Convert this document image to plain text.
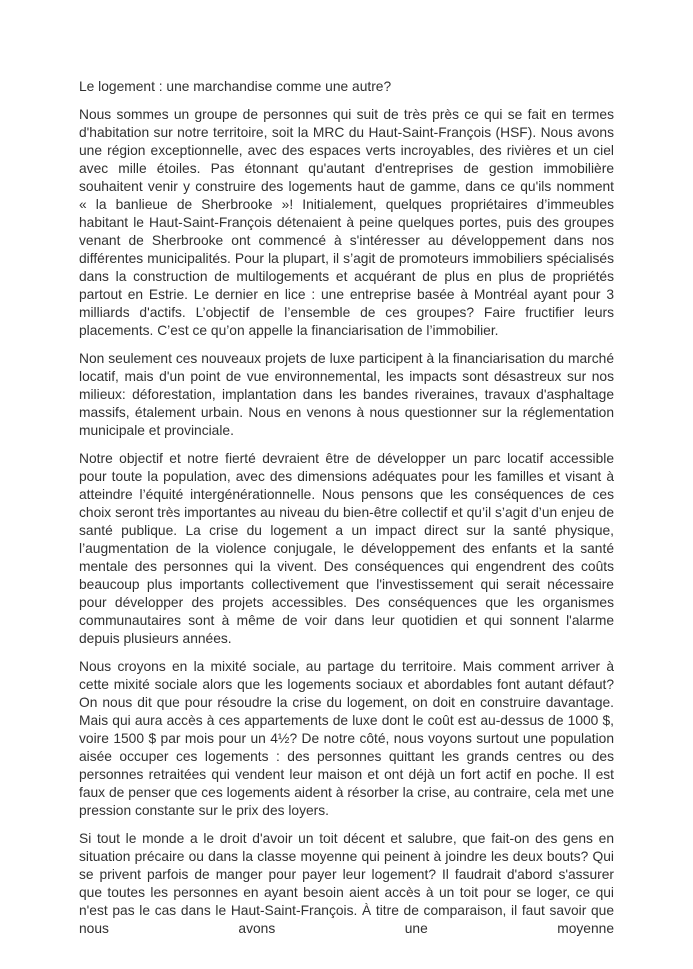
Le logement : une marchandise comme une autre?

Nous sommes un groupe de personnes qui suit de très près ce qui se fait en termes d'habitation sur notre territoire, soit la MRC du Haut-Saint-François (HSF). Nous avons une région exceptionnelle, avec des espaces verts incroyables, des rivières et un ciel avec mille étoiles. Pas étonnant qu'autant d'entreprises de gestion immobilière souhaitent venir y construire des logements haut de gamme, dans ce qu'ils nomment « la banlieue de Sherbrooke »! Initialement, quelques propriétaires d’immeubles habitant le Haut-Saint-François détenaient à peine quelques portes, puis des groupes venant de Sherbrooke ont commencé à s'intéresser au développement dans nos différentes municipalités. Pour la plupart, il s’agit de promoteurs immobiliers spécialisés dans la construction de multilogements et acquérant de plus en plus de propriétés partout en Estrie. Le dernier en lice : une entreprise basée à Montréal ayant pour 3 milliards d'actifs. L’objectif de l’ensemble de ces groupes? Faire fructifier leurs placements. C’est ce qu’on appelle la financiarisation de l’immobilier.

Non seulement ces nouveaux projets de luxe participent à la financiarisation du marché locatif, mais d'un point de vue environnemental, les impacts sont désastreux sur nos milieux: déforestation, implantation dans les bandes riveraines, travaux d'asphaltage massifs, étalement urbain. Nous en venons à nous questionner sur la réglementation municipale et provinciale.

Notre objectif et notre fierté devraient être de développer un parc locatif accessible pour toute la population, avec des dimensions adéquates pour les familles et visant à atteindre l’équité intergénérationnelle. Nous pensons que les conséquences de ces choix seront très importantes au niveau du bien-être collectif et qu’il s’agit d’un enjeu de santé publique. La crise du logement a un impact direct sur la santé physique, l’augmentation de la violence conjugale, le développement des enfants et la santé mentale des personnes qui la vivent. Des conséquences qui engendrent des coûts beaucoup plus importants collectivement que l'investissement qui serait nécessaire pour développer des projets accessibles. Des conséquences que les organismes communautaires sont à même de voir dans leur quotidien et qui sonnent l'alarme depuis plusieurs années.

Nous croyons en la mixité sociale, au partage du territoire. Mais comment arriver à cette mixité sociale alors que les logements sociaux et abordables font autant défaut? On nous dit que pour résoudre la crise du logement, on doit en construire davantage. Mais qui aura accès à ces appartements de luxe dont le coût est au-dessus de 1000 $, voire 1500 $ par mois pour un 4½? De notre côté, nous voyons surtout une population aisée occuper ces logements : des personnes quittant les grands centres ou des personnes retraitées qui vendent leur maison et ont déjà un fort actif en poche. Il est faux de penser que ces logements aident à résorber la crise, au contraire, cela met une pression constante sur le prix des loyers.

Si tout le monde a le droit d'avoir un toit décent et salubre, que fait-on des gens en situation précaire ou dans la classe moyenne qui peinent à joindre les deux bouts? Qui se privent parfois de manger pour payer leur logement? Il faudrait d'abord s'assurer que toutes les personnes en ayant besoin aient accès à un toit pour se loger, ce qui n'est pas le cas dans le Haut-Saint-François. À titre de comparaison, il faut savoir que nous avons une moyenne
